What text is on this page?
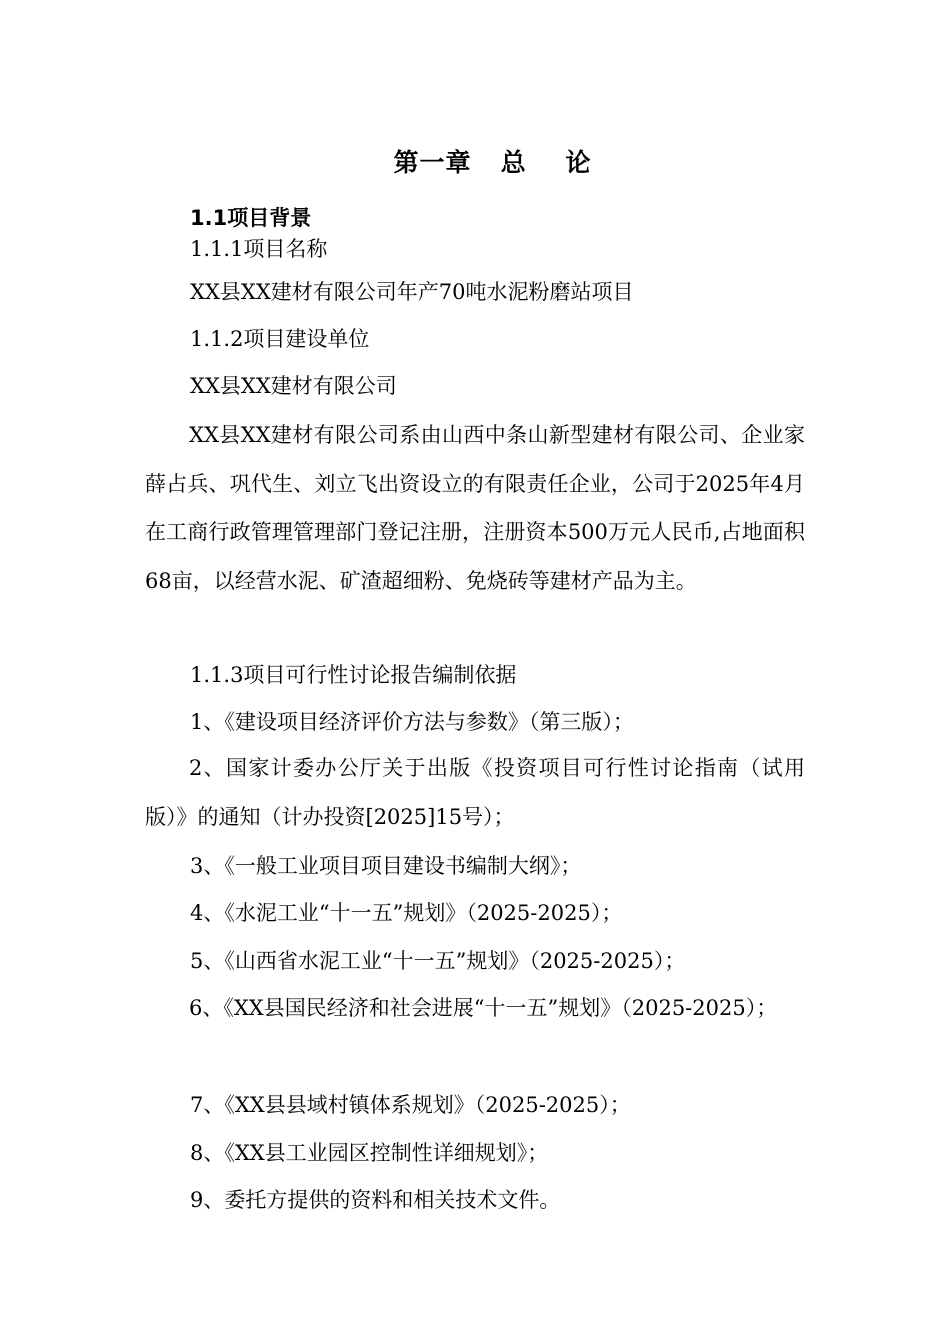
第一章   总    论
1.1项目背景
1.1.1项目名称
XX县XX建材有限公司年产70吨水泥粉磨站项目
1.1.2项目建设单位
XX县XX建材有限公司
XX县XX建材有限公司系由山西中条山新型建材有限公司、企业家薛占兵、巩代生、刘立飞出资设立的有限责任企业，公司于2025年4月在工商行政管理管理部门登记注册，注册资本500万元人民币,占地面积68亩，以经营水泥、矿渣超细粉、免烧砖等建材产品为主。
1.1.3项目可行性讨论报告编制依据
1、《建设项目经济评价方法与参数》（第三版）；
2、国家计委办公厅关于出版《投资项目可行性讨论指南（试用版）》的通知（计办投资[2025]15号）；
3、《一般工业项目项目建设书编制大纲》；
4、《水泥工业“十一五”规划》（2025-2025）；
5、《山西省水泥工业“十一五”规划》（2025-2025）；
6、《XX县国民经济和社会进展“十一五”规划》（2025-2025）；
7、《XX县县域村镇体系规划》（2025-2025）；
8、《XX县工业园区控制性详细规划》；
9、委托方提供的资料和相关技术文件。
